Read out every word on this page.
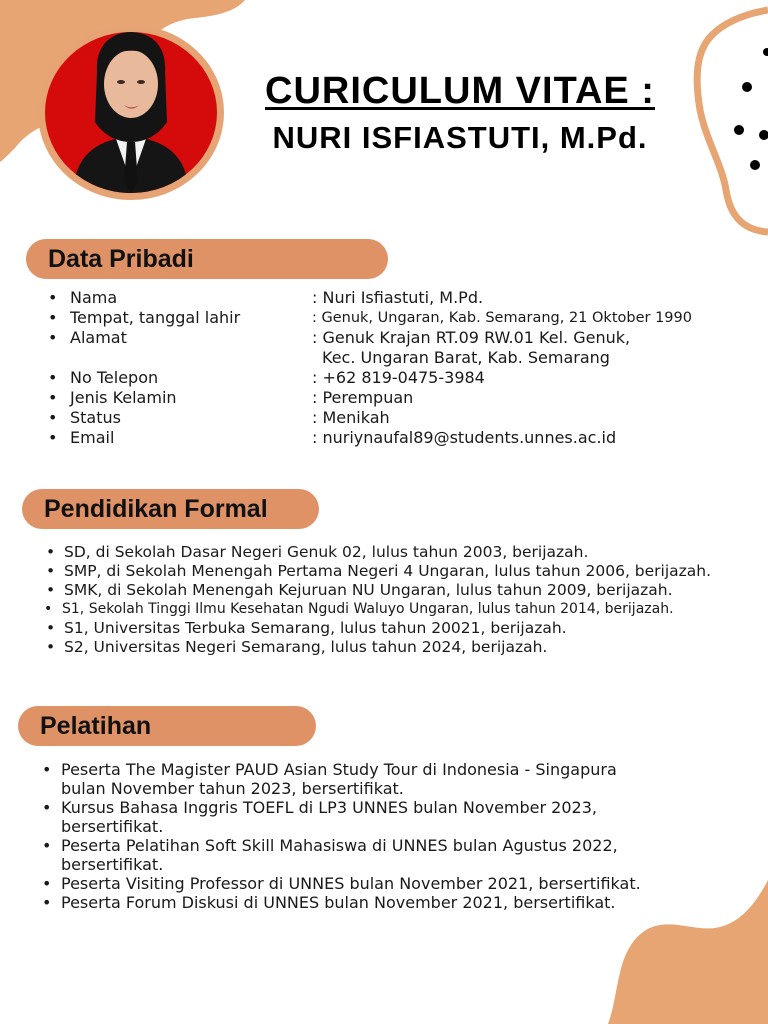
CURICULUM VITAE :
NURI ISFIASTUTI, M.Pd.
Data Pribadi
• Nama	: Nuri Isfiastuti, M.Pd.
• Tempat, tanggal lahir	: Genuk, Ungaran, Kab. Semarang, 21 Oktober 1990
• Alamat	: Genuk Krajan RT.09 RW.01 Kel. Genuk,
Kec. Ungaran Barat, Kab. Semarang
• No Telepon	: +62 819-0475-3984
• Jenis Kelamin	: Perempuan
• Status	: Menikah
• Email	: nuriynaufal89@students.unnes.ac.id
Pendidikan Formal
• SD, di Sekolah Dasar Negeri Genuk 02, lulus tahun 2003, berijazah.
• SMP, di Sekolah Menengah Pertama Negeri 4 Ungaran, lulus tahun 2006, berijazah.
• SMK, di Sekolah Menengah Kejuruan NU Ungaran, lulus tahun 2009, berijazah.
• S1, Sekolah Tinggi Ilmu Kesehatan Ngudi Waluyo Ungaran, lulus tahun 2014, berijazah.
• S1, Universitas Terbuka Semarang, lulus tahun 20021, berijazah.
• S2, Universitas Negeri Semarang, lulus tahun 2024, berijazah.
Pelatihan
• Peserta The Magister PAUD Asian Study Tour di Indonesia - Singapura
bulan November tahun 2023, bersertifikat.
• Kursus Bahasa Inggris TOEFL di LP3 UNNES bulan November 2023,
bersertifikat.
• Peserta Pelatihan Soft Skill Mahasiswa di UNNES bulan Agustus 2022,
bersertifikat.
• Peserta Visiting Professor di UNNES bulan November 2021, bersertifikat.
• Peserta Forum Diskusi di UNNES bulan November 2021, bersertifikat.
